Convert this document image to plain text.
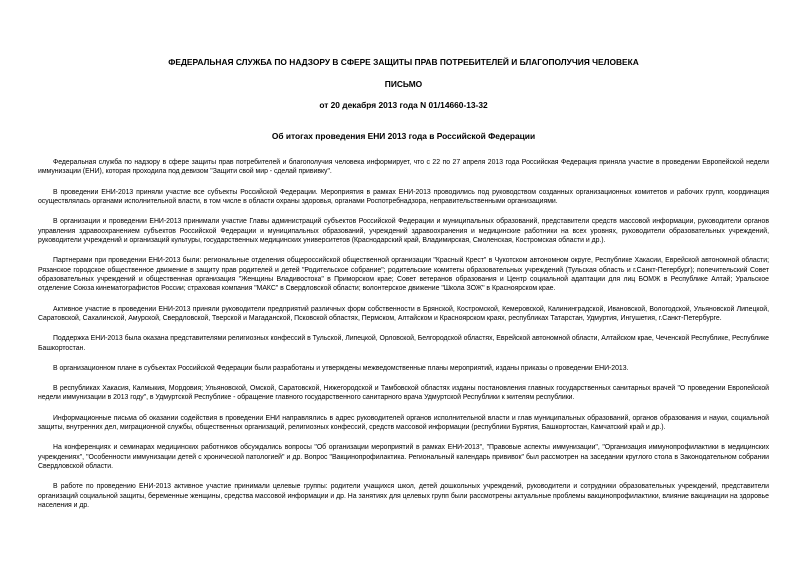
ФЕДЕРАЛЬНАЯ СЛУЖБА ПО НАДЗОРУ В СФЕРЕ ЗАЩИТЫ ПРАВ ПОТРЕБИТЕЛЕЙ И БЛАГОПОЛУЧИЯ ЧЕЛОВЕКА
ПИСЬМО
от 20 декабря 2013 года N 01/14660-13-32
Об итогах проведения ЕНИ 2013 года в Российской Федерации

Федеральная служба по надзору в сфере защиты прав потребителей и благополучия человека информирует, что с 22 по 27 апреля 2013 года Российская Федерация приняла участие в проведении Европейской недели иммунизации (ЕНИ), которая проходила под девизом "Защити свой мир - сделай прививку".

В проведении ЕНИ-2013 приняли участие все субъекты Российской Федерации. Мероприятия в рамках ЕНИ-2013 проводились под руководством созданных организационных комитетов и рабочих групп, координация осуществлялась органами исполнительной власти, в том числе в области охраны здоровья, органами Роспотребнадзора, неправительственными организациями.

В организации и проведении ЕНИ-2013 принимали участие Главы администраций субъектов Российской Федерации и муниципальных образований, представители средств массовой информации, руководители органов управления здравоохранением субъектов Российской Федерации и муниципальных образований, учреждений здравоохранения и медицинские работники на всех уровнях, руководители образовательных учреждений, руководители учреждений и организаций культуры, государственных медицинских университетов (Краснодарский край, Владимирская, Смоленская, Костромская области и др.).

Партнерами при проведении ЕНИ-2013 были: региональные отделения общероссийской общественной организации "Красный Крест" в Чукотском автономном округе, Республике Хакасии, Еврейской автономной области; Рязанское городское общественное движение в защиту прав родителей и детей "Родительское собрание"; родительские комитеты образовательных учреждений (Тульская область и г.Санкт-Петербург); попечительский Совет образовательных учреждений и общественная организация "Женщины Владивостока" в Приморском крае; Совет ветеранов образования и Центр социальной адаптации для лиц БОМЖ в Республике Алтай; Уральское отделение Союза кинематографистов России; страховая компания "МАКС" в Свердловской области; волонтерское движение "Школа ЗОЖ" в Красноярском крае.

Активное участие в проведении ЕНИ-2013 приняли руководители предприятий различных форм собственности в Брянской, Костромской, Кемеровской, Калининградской, Ивановской, Вологодской, Ульяновской Липецкой, Саратовской, Сахалинской, Амурской, Свердловской, Тверской и Магаданской, Псковской областях, Пермском, Алтайском и Красноярском краях, республиках Татарстан, Удмуртия, Ингушетия, г.Санкт-Петербурге.

Поддержка ЕНИ-2013 была оказана представителями религиозных конфессий в Тульской, Липецкой, Орловской, Белгородской областях, Еврейской автономной области, Алтайском крае, Чеченской Республике, Республике Башкортостан.

В организационном плане в субъектах Российской Федерации были разработаны и утверждены межведомственные планы мероприятий, изданы приказы о проведении ЕНИ-2013.

В республиках Хакасия, Калмыкия, Мордовия; Ульяновской, Омской, Саратовской, Нижегородской и Тамбовской областях изданы постановления главных государственных санитарных врачей "О проведении Европейской недели иммунизации в 2013 году", в Удмуртской Республике - обращение главного государственного санитарного врача Удмуртской Республики к жителям республики.

Информационные письма об оказании содействия в проведении ЕНИ направлялись в адрес руководителей органов исполнительной власти и глав муниципальных образований, органов образования и науки, социальной защиты, внутренних дел, миграционной службы, общественных организаций, религиозных конфессий, средств массовой информации (республики Бурятия, Башкортостан, Камчатский край и др.).

На конференциях и семинарах медицинских работников обсуждались вопросы "Об организации мероприятий в рамках ЕНИ-2013", "Правовые аспекты иммунизации", "Организация иммунопрофилактики в медицинских учреждениях", "Особенности иммунизации детей с хронической патологией" и др. Вопрос "Вакцинопрофилактика. Региональный календарь прививок" был рассмотрен на заседании круглого стола в Законодательном собрании Свердловской области.

В работе по проведению ЕНИ-2013 активное участие принимали целевые группы: родители учащихся школ, детей дошкольных учреждений, руководители и сотрудники образовательных учреждений, представители организаций социальной защиты, беременные женщины, средства массовой информации и др. На занятиях для целевых групп были рассмотрены актуальные проблемы вакцинопрофилактики, влияние вакцинации на здоровье населения и др.
